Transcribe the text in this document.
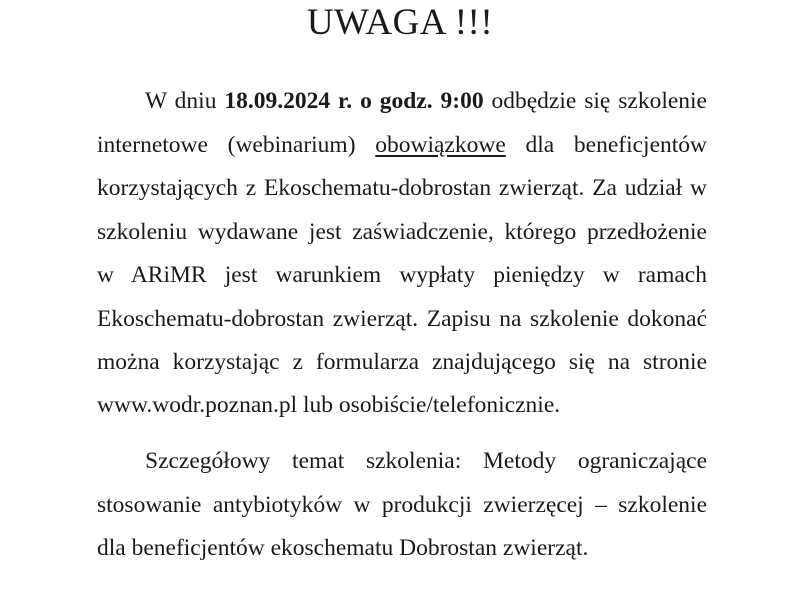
UWAGA !!!

W dniu 18.09.2024 r. o godz. 9:00 odbędzie się szkolenie

internetowe (webinarium) obowiązkowe dla beneficjentów

korzystających z Ekoschematu-dobrostan zwierząt. Za udział w

szkoleniu wydawane jest zaświadczenie, którego przedłożenie

w ARiMR jest warunkiem wypłaty pieniędzy w ramach

Ekoschematu-dobrostan zwierząt. Zapisu na szkolenie dokonać

można korzystając z formularza znajdującego się na stronie

www.wodr.poznan.pl lub osobiście/telefonicznie.

Szczegółowy temat szkolenia: Metody ograniczające

stosowanie antybiotyków w produkcji zwierzęcej – szkolenie

dla beneficjentów ekoschematu Dobrostan zwierząt.
